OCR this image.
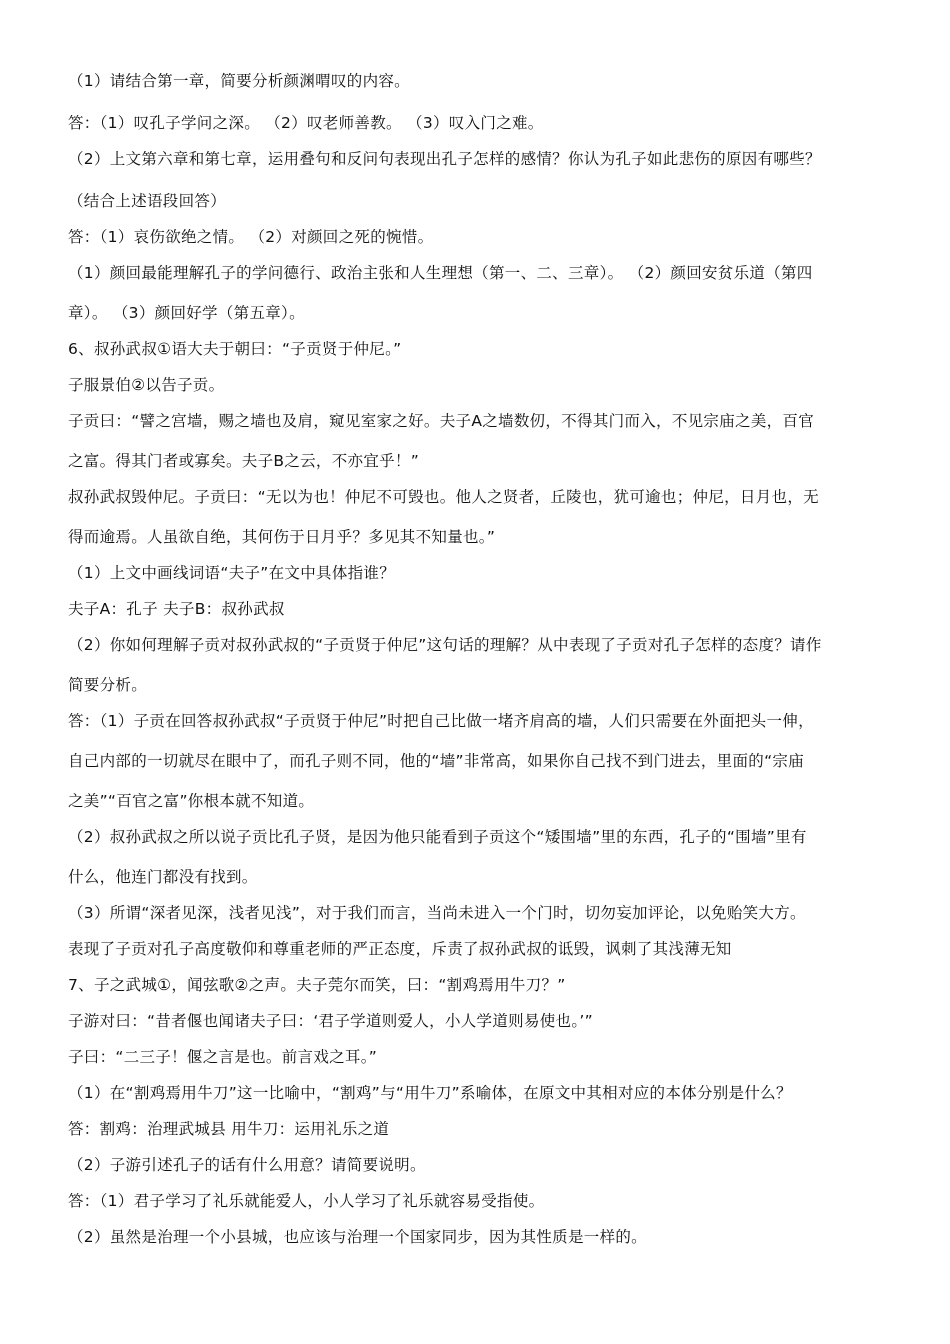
（1）请结合第一章，简要分析颜渊喟叹的内容。
答：（1）叹孔子学问之深。 （2）叹老师善教。 （3）叹入门之难。
（2）上文第六章和第七章，运用叠句和反问句表现出孔子怎样的感情？你认为孔子如此悲伤的原因有哪些？
（结合上述语段回答）
答：（1）哀伤欲绝之情。 （2）对颜回之死的惋惜。
（1）颜回最能理解孔子的学问德行、政治主张和人生理想（第一、二、三章）。 （2）颜回安贫乐道（第四
章）。 （3）颜回好学（第五章）。
6、叔孙武叔①语大夫于朝曰：“子贡贤于仲尼。”
子服景伯②以告子贡。
子贡曰：“譬之宫墙，赐之墙也及肩，窥见室家之好。夫子A之墙数仞，不得其门而入，不见宗庙之美，百官
之富。得其门者或寡矣。夫子B之云，不亦宜乎！”
叔孙武叔毁仲尼。子贡曰：“无以为也！仲尼不可毁也。他人之贤者，丘陵也，犹可逾也；仲尼，日月也，无
得而逾焉。人虽欲自绝，其何伤于日月乎？多见其不知量也。”
（1）上文中画线词语“夫子”在文中具体指谁？
夫子A：孔子 夫子B：叔孙武叔
（2）你如何理解子贡对叔孙武叔的“子贡贤于仲尼”这句话的理解？从中表现了子贡对孔子怎样的态度？请作
简要分析。
答：（1）子贡在回答叔孙武叔“子贡贤于仲尼”时把自己比做一堵齐肩高的墙，人们只需要在外面把头一伸，
自己内部的一切就尽在眼中了，而孔子则不同，他的“墙”非常高，如果你自己找不到门进去，里面的“宗庙
之美”“百官之富”你根本就不知道。
（2）叔孙武叔之所以说子贡比孔子贤，是因为他只能看到子贡这个“矮围墙”里的东西，孔子的“围墙”里有
什么，他连门都没有找到。
（3）所谓“深者见深，浅者见浅”，对于我们而言，当尚未进入一个门时，切勿妄加评论，以免贻笑大方。
表现了子贡对孔子高度敬仰和尊重老师的严正态度，斥责了叔孙武叔的诋毁，讽刺了其浅薄无知
7、子之武城①，闻弦歌②之声。夫子莞尔而笑，曰：“割鸡焉用牛刀？”
子游对曰：“昔者偃也闻诸夫子曰：‘君子学道则爱人，小人学道则易使也。’”
子曰：“二三子！偃之言是也。前言戏之耳。”
（1）在“割鸡焉用牛刀”这一比喻中，“割鸡”与“用牛刀”系喻体，在原文中其相对应的本体分别是什么？
答：割鸡：治理武城县 用牛刀：运用礼乐之道
（2）子游引述孔子的话有什么用意？请简要说明。
答：（1）君子学习了礼乐就能爱人，小人学习了礼乐就容易受指使。
（2）虽然是治理一个小县城，也应该与治理一个国家同步，因为其性质是一样的。
